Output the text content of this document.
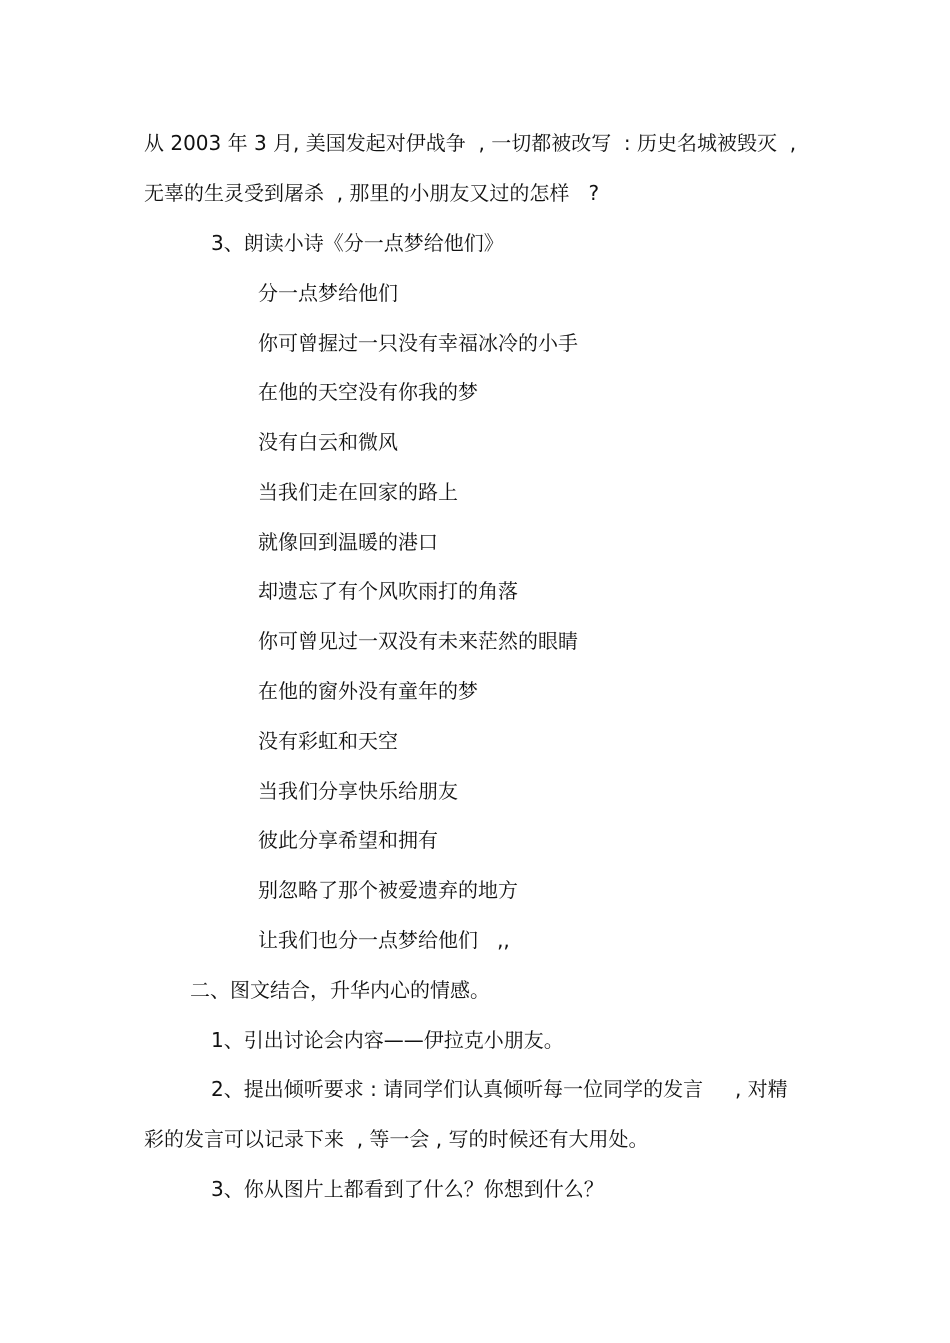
从 2003 年 3 月, 美国发起对伊战争  , 一切都被改写  : 历史名城被毁灭  ,
无辜的生灵受到屠杀  , 那里的小朋友又过的怎样   ?
3、朗读小诗《分一点梦给他们》
分一点梦给他们
你可曾握过一只没有幸福冰冷的小手
在他的天空没有你我的梦
没有白云和微风
当我们走在回家的路上
就像回到温暖的港口
却遗忘了有个风吹雨打的角落
你可曾见过一双没有未来茫然的眼睛
在他的窗外没有童年的梦
没有彩虹和天空
当我们分享快乐给朋友
彼此分享希望和拥有
别忽略了那个被爱遗弃的地方
让我们也分一点梦给他们   ,,
二、图文结合，升华内心的情感。
1、引出讨论会内容——伊拉克小朋友。
2、提出倾听要求 : 请同学们认真倾听每一位同学的发言     , 对精
彩的发言可以记录下来  , 等一会 , 写的时候还有大用处。
3、你从图片上都看到了什么？你想到什么？
